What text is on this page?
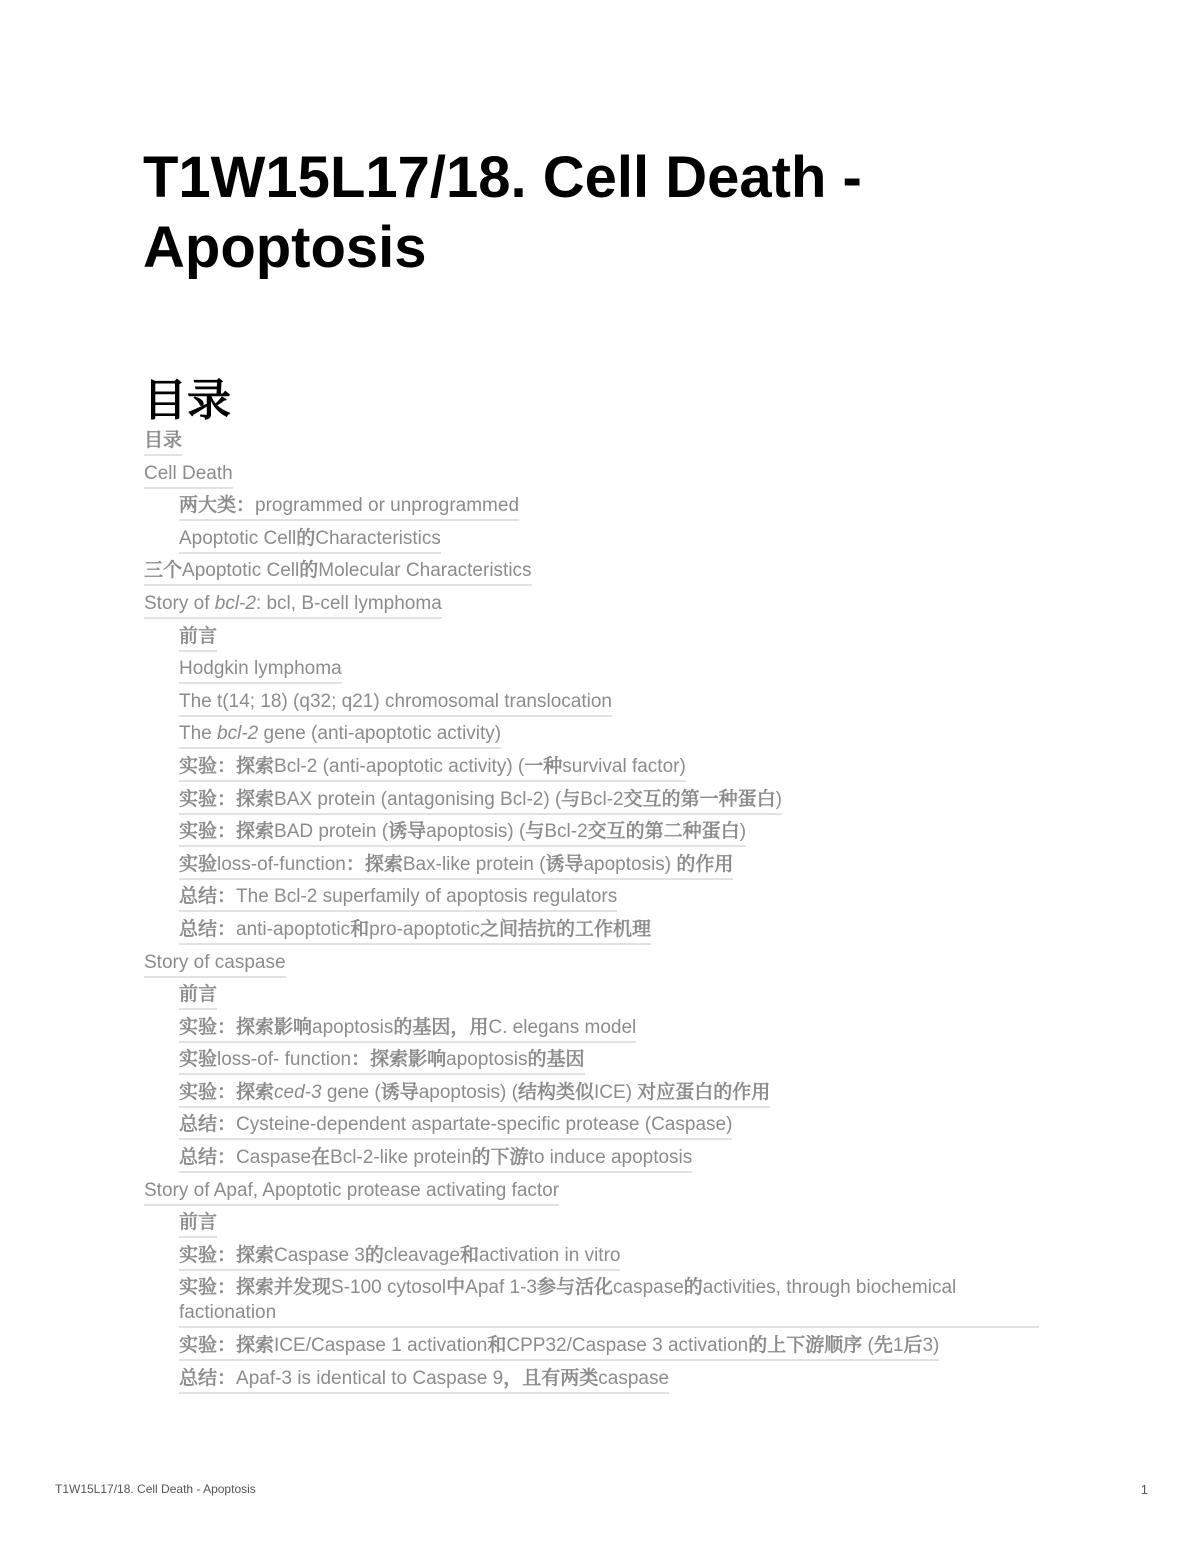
T1W15L17/18. Cell Death - Apoptosis
目录
目录
Cell Death
两大类：programmed or unprogrammed
Apoptotic Cell的Characteristics
三个Apoptotic Cell的Molecular Characteristics
Story of bcl-2: bcl, B-cell lymphoma
前言
Hodgkin lymphoma
The t(14; 18) (q32; q21) chromosomal translocation
The bcl-2 gene (anti-apoptotic activity)
实验：探索Bcl-2 (anti-apoptotic activity) (一种survival factor)
实验：探索BAX protein (antagonising Bcl-2) (与Bcl-2交互的第一种蛋白)
实验：探索BAD protein (诱导apoptosis) (与Bcl-2交互的第二种蛋白)
实验loss-of-function：探索Bax-like protein (诱导apoptosis) 的作用
总结：The Bcl-2 superfamily of apoptosis regulators
总结：anti-apoptotic和pro-apoptotic之间拮抗的工作机理
Story of caspase
前言
实验：探索影响apoptosis的基因，用C. elegans model
实验loss-of- function：探索影响apoptosis的基因
实验：探索ced-3 gene (诱导apoptosis) (结构类似ICE) 对应蛋白的作用
总结：Cysteine-dependent aspartate-specific protease (Caspase)
总结：Caspase在Bcl-2-like protein的下游to induce apoptosis
Story of Apaf, Apoptotic protease activating factor
前言
实验：探索Caspase 3的cleavage和activation in vitro
实验：探索并发现S-100 cytosol中Apaf 1-3参与活化caspase的activities, through biochemical factionation
实验：探索ICE/Caspase 1 activation和CPP32/Caspase 3 activation的上下游顺序 (先1后3)
总结：Apaf-3 is identical to Caspase 9，且有两类caspase
T1W15L17/18. Cell Death - Apoptosis	1
